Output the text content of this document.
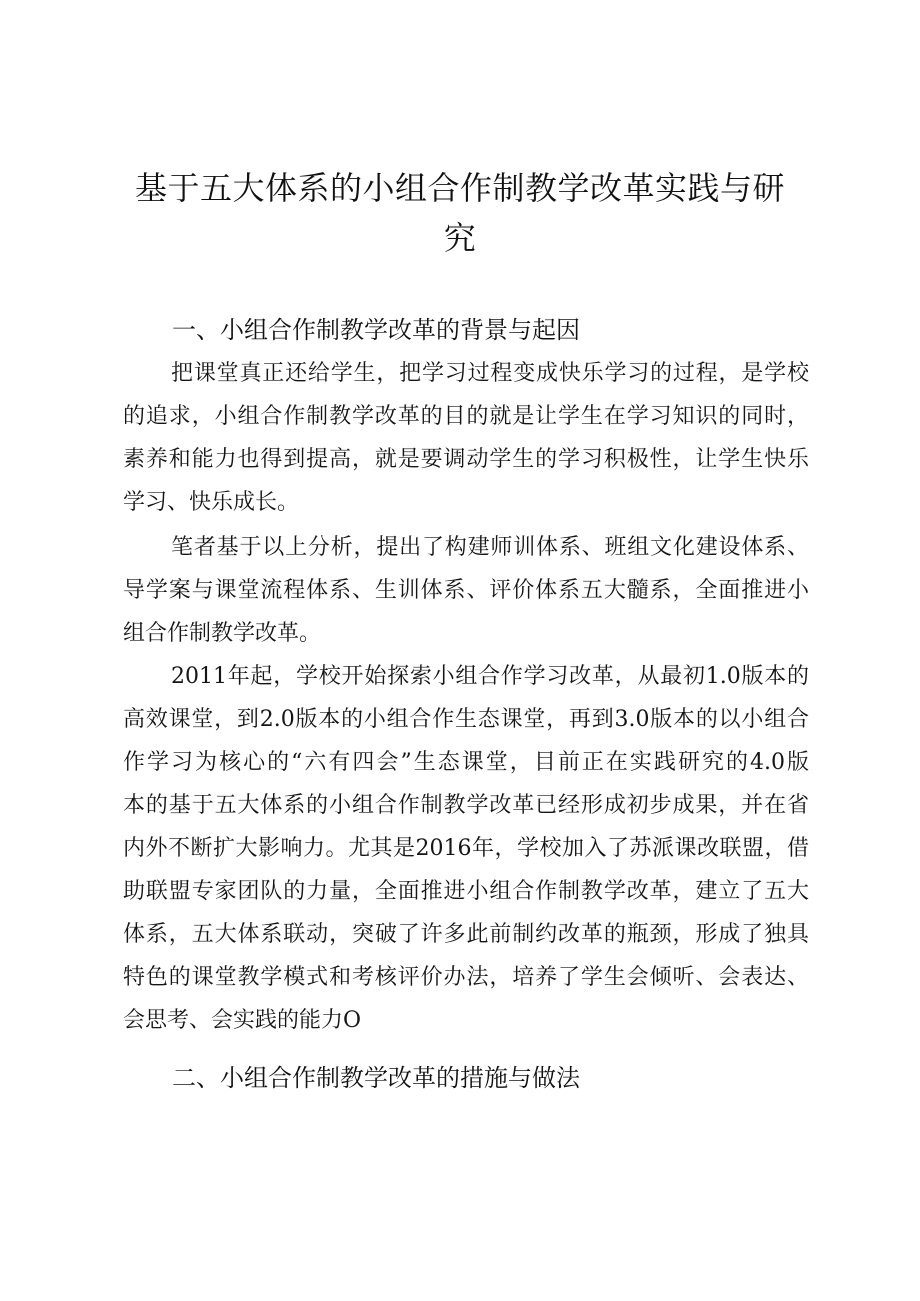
基于五大体系的小组合作制教学改革实践与研
究
一、小组合作制教学改革的背景与起因
把课堂真正还给学生，把学习过程变成快乐学习的过程，是学校
的追求，小组合作制教学改革的目的就是让学生在学习知识的同时，
素养和能力也得到提高，就是要调动学生的学习积极性，让学生快乐
学习、快乐成长。
笔者基于以上分析，提出了构建师训体系、班组文化建设体系、
导学案与课堂流程体系、生训体系、评价体系五大髓系，全面推进小
组合作制教学改革。
2011年起，学校开始探索小组合作学习改革，从最初1.0版本的
高效课堂，到2.0版本的小组合作生态课堂，再到3.0版本的以小组合
作学习为核心的“六有四会”生态课堂，目前正在实践研究的4.0版
本的基于五大体系的小组合作制教学改革已经形成初步成果，并在省
内外不断扩大影响力。尤其是2016年，学校加入了苏派课改联盟，借
助联盟专家团队的力量，全面推进小组合作制教学改革，建立了五大
体系，五大体系联动，突破了许多此前制约改革的瓶颈，形成了独具
特色的课堂教学模式和考核评价办法，培养了学生会倾听、会表达、
会思考、会实践的能力O
二、小组合作制教学改革的措施与做法
